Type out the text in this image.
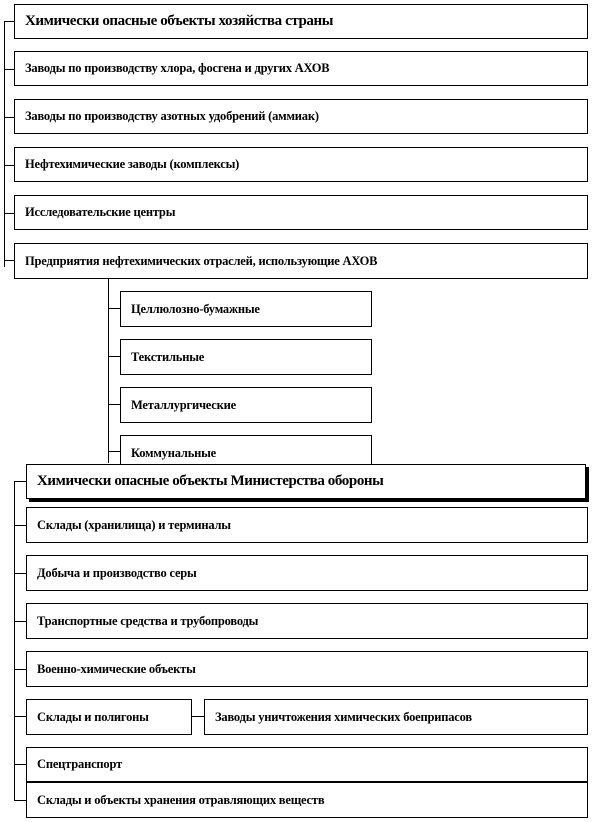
Химически опасные объекты хозяйства страны
Заводы по производству хлора, фосгена и других АХОВ
Заводы по производству азотных удобрений (аммиак)
Нефтехимические заводы (комплексы)
Исследовательские центры
Предприятия нефтехимических отраслей, использующие АХОВ
Целлюлозно-бумажные
Текстильные
Металлургические
Коммунальные
Химически опасные объекты Министерства обороны
Склады (хранилища) и терминалы
Добыча и производство серы
Транспортные средства и трубопроводы
Военно-химические объекты
Склады и полигоны	Заводы уничтожения химических боеприпасов
Спецтранспорт
Склады и объекты хранения отравляющих веществ
